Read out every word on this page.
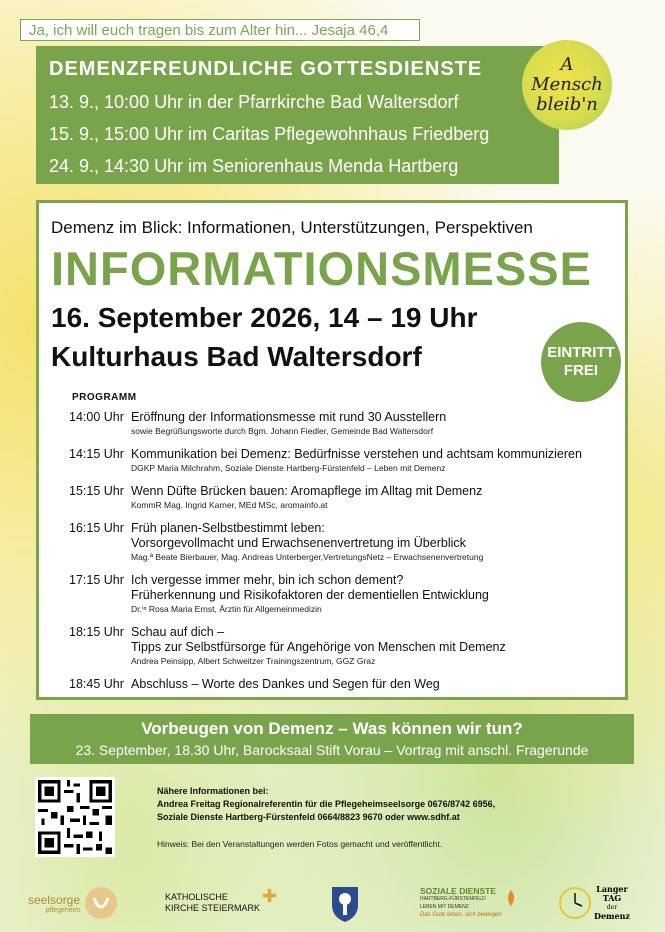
Ja, ich will euch tragen bis zum Alter hin... Jesaja 46,4
DEMENZFREUNDLICHE GOTTESDIENSTE
13. 9., 10:00 Uhr in der Pfarrkirche Bad Waltersdorf
15. 9., 15:00 Uhr im Caritas Pflegewohnhaus Friedberg
24. 9., 14:30 Uhr im Seniorenhaus Menda Hartberg
A Mensch
bleib'n
Demenz im Blick: Informationen, Unterstützungen, Perspektiven
INFORMATIONSMESSE
16. September 2026, 14 – 19 Uhr
Kulturhaus Bad Waltersdorf
PROGRAMM
14:00 Uhr Eröffnung der Informationsmesse mit rund 30 Ausstellern
sowie Begrüßungsworte durch Bgm. Johann Fiedler, Gemeinde Bad Waltersdorf
14:15 Uhr Kommunikation bei Demenz: Bedürfnisse verstehen und achtsam kommunizieren
DGKP Maria Milchrahm, Soziale Dienste Hartberg-Fürstenfeld – Leben mit Demenz
15:15 Uhr Wenn Düfte Brücken bauen: Aromapflege im Alltag mit Demenz
KommR Mag. Ingrid Karner, MEd MSc, aromainfo.at
16:15 Uhr Früh planen-Selbstbestimmt leben:
Vorsorgevollmacht und Erwachsenenvertretung im Überblick
Mag.ª Beate Bierbauer, Mag. Andreas Unterberger,VertretungsNetz – Erwachsenenvertretung
17:15 Uhr Ich vergesse immer mehr, bin ich schon dement?
Früherkennung und Risikofaktoren der dementiellen Entwicklung
Dr.ⁱⁿ Rosa Maria Ernst, Ärztin für Allgemeinmedizin
18:15 Uhr Schau auf dich –
Tipps zur Selbstfürsorge für Angehörige von Menschen mit Demenz
Andrea Peinsipp, Albert Schweitzer Trainingszentrum, GGZ Graz
18:45 Uhr Abschluss – Worte des Dankes und Segen für den Weg
EINTRITT
FREI
Vorbeugen von Demenz – Was können wir tun?
23. September, 18.30 Uhr, Barocksaal Stift Vorau – Vortrag mit anschl. Fragerunde
Nähere Informationen bei:
Andrea Freitag Regionalreferentin für die Pflegeheimseelsorge 0676/8742 6956,
Soziale Dienste Hartberg-Fürstenfeld 0664/8823 9670 oder www.sdhf.at
Hinweis: Bei den Veranstaltungen werden Fotos gemacht und veröffentlicht.
seelsorge
pflegeheim
KATHOLISCHE
KIRCHE STEIERMARK
✚	SOZIALE DIENSTE
HARTBERG-FÜRSTENFELD
LEBEN MIT DEMENZ
Das Gute leben, sich bewegen
Langer
TAG
der
Demenz
